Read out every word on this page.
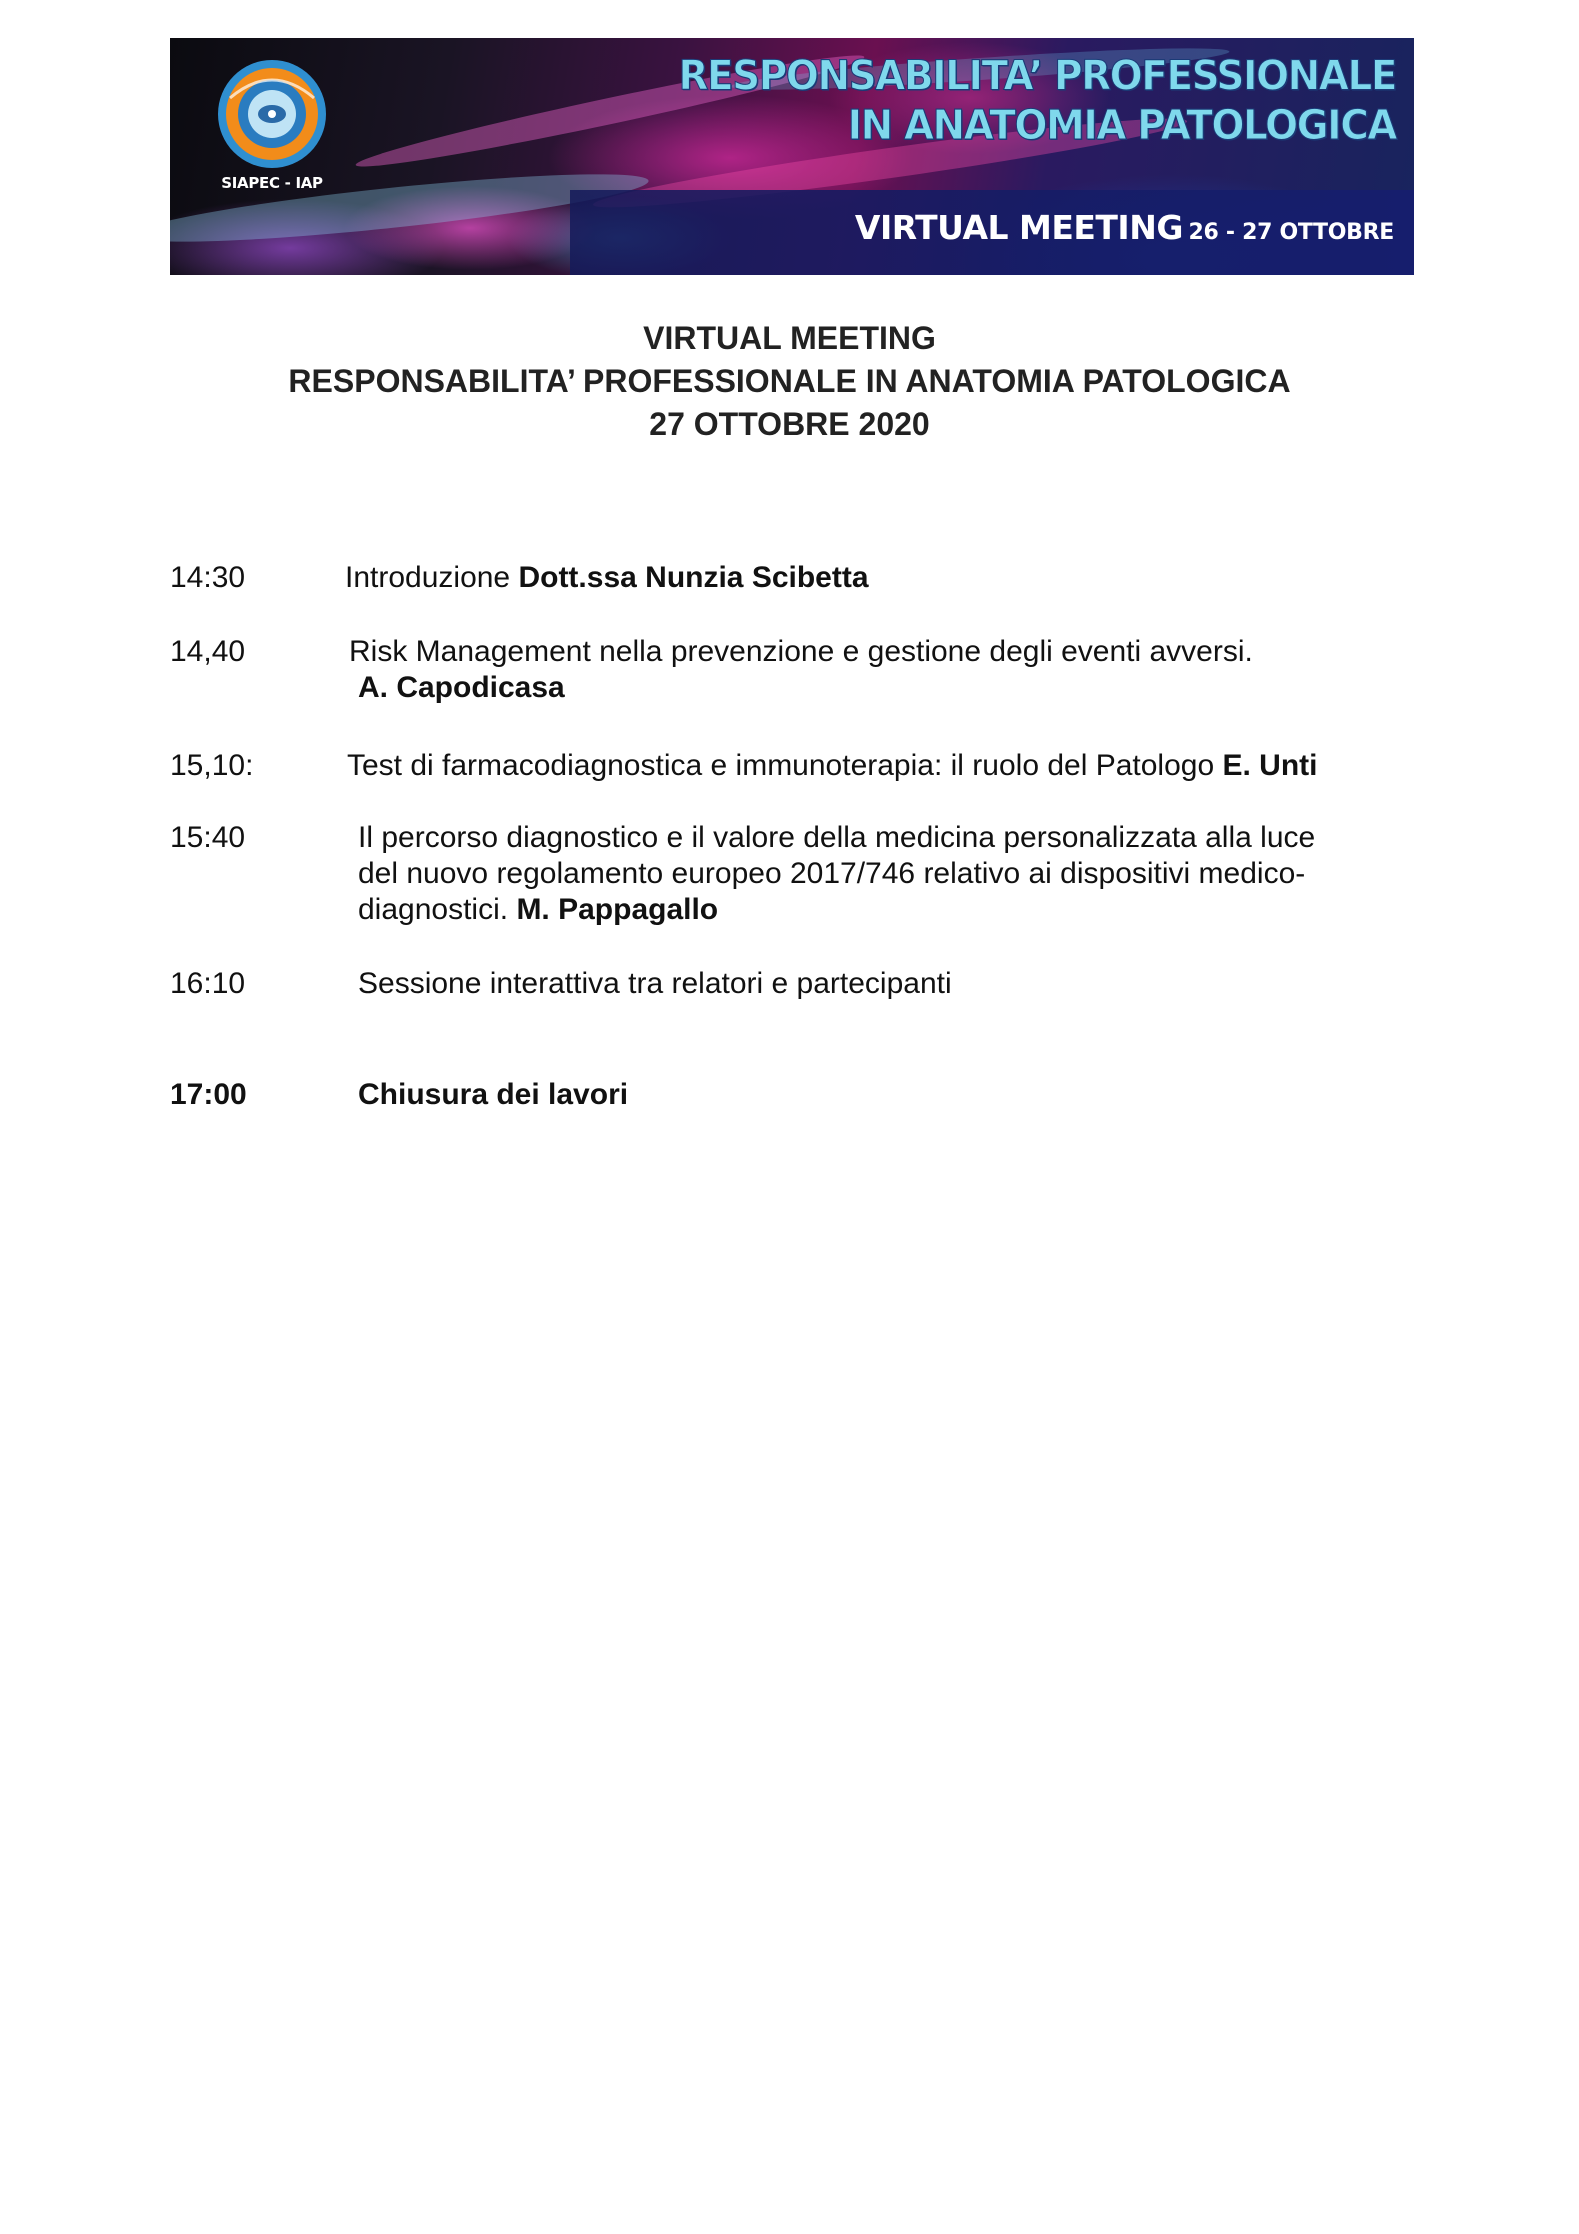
SIAPEC - IAP
RESPONSABILITA’ PROFESSIONALE
IN ANATOMIA PATOLOGICA
VIRTUAL MEETING 26 - 27 OTTOBRE
VIRTUAL MEETING
RESPONSABILITA’ PROFESSIONALE IN ANATOMIA PATOLOGICA
27 OTTOBRE 2020
14:30	Introduzione Dott.ssa Nunzia Scibetta
14,40	Risk Management nella prevenzione e gestione degli eventi avversi.
A. Capodicasa
15,10:	Test di farmacodiagnostica e immunoterapia: il ruolo del Patologo E. Unti
15:40	Il percorso diagnostico e il valore della medicina personalizzata alla luce
del nuovo regolamento europeo 2017/746 relativo ai dispositivi medico-
diagnostici. M. Pappagallo
16:10	Sessione interattiva tra relatori e partecipanti
17:00	Chiusura dei lavori
